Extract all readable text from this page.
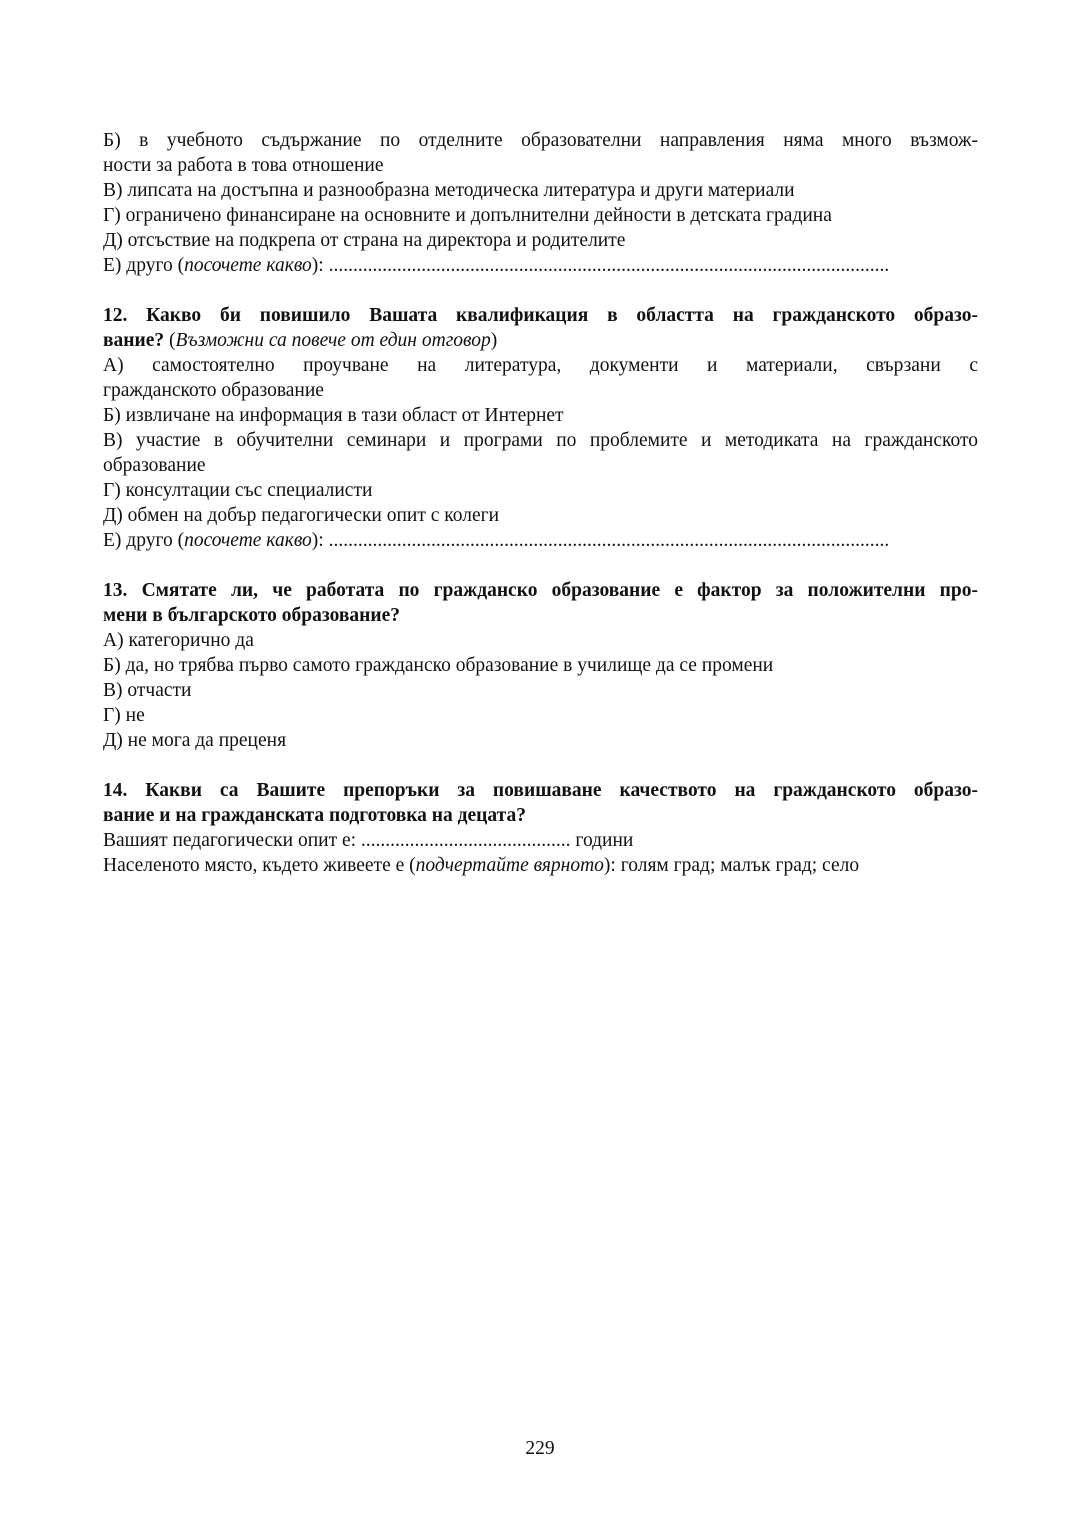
Б) в учебното съдържание по отделните образователни направления няма много възмож-
ности за работа в това отношение
В) липсата на достъпна и разнообразна методическа литература и други материали
Г) ограничено финансиране на основните и допълнителни дейности в детската градина
Д) отсъствие на подкрепа от страна на директора и родителите
Е) друго (посочете какво): ...................................................................................................................
12. Какво би повишило Вашата квалификация в областта на гражданското образо-
вание? (Възможни са повече от един отговор)
А) самостоятелно проучване на литература, документи и материали, свързани с
гражданското образование
Б) извличане на информация в тази област от Интернет
В) участие в обучителни семинари и програми по проблемите и методиката на гражданското
образование
Г) консултации със специалисти
Д) обмен на добър педагогически опит с колеги
Е) друго (посочете какво): ...................................................................................................................
13. Смятате ли, че работата по гражданско образование е фактор за положителни про-
мени в българското образование?
А) категорично да
Б) да, но трябва първо самото гражданско образование в училище да се промени
В) отчасти
Г) не
Д) не мога да преценя
14. Какви са Вашите препоръки за повишаване качеството на гражданското образо-
вание и на гражданската подготовка на децата?
Вашият педагогически опит е: ........................................... години
Населеното място, където живеете е (подчертайте вярното): голям град; малък град; село
229
